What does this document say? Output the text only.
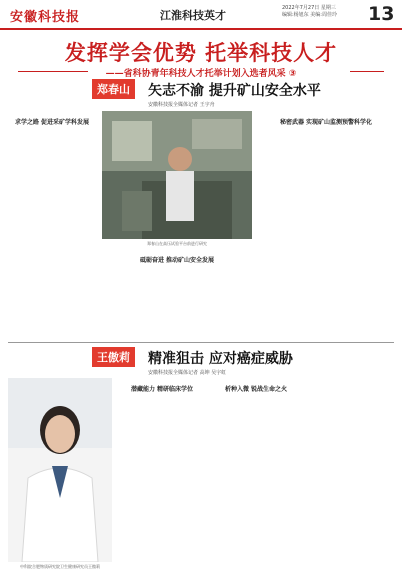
安徽科技报	江淮科技英才
2022年7月27日 星期三
编辑:杨旭东 美编:周佳玲 13
发挥学会优势 托举科技人才
——省科协青年科技人才托举计划入选者风采 ③
郑春山	矢志不渝 提升矿山安全水平
安徽科技报全媒体记者 王宇舟

求学之路 促进采矿学科发展

郑春山在高压试验平台前进行研究

砥砺奋进 推动矿山安全发展

秘密武器 实现矿山监测预警科学化

王傲莉	精准狙击 应对癌症威胁
安徽科技报全媒体记者 高坤 吴宇虹
中科院合肥物质研究院卫生健康研究员王傲莉

潜藏能力 精研临床学位

　　　　　　　　　　　　　　　　　　　　　　　　　　　　　　　　　　　　　　　　　　　　　　　　　　　　　　　　　　　　　	析种入微 锐战生命之火
